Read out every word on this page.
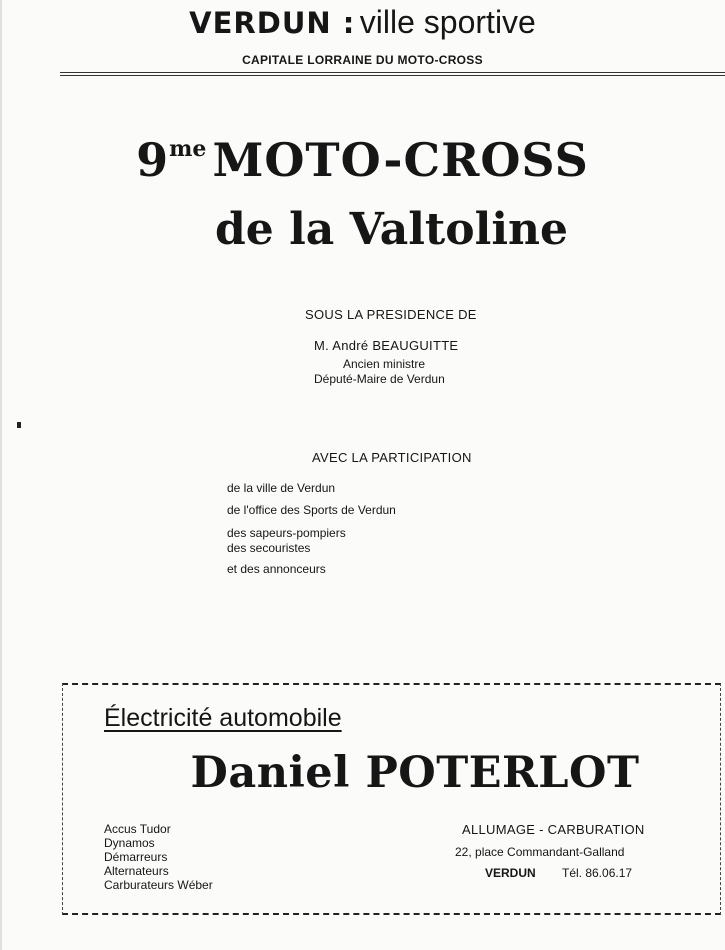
VERDUN : ville sportive
CAPITALE LORRAINE DU MOTO-CROSS
$9^{me}$ MOTO-CROSS
de la Valtoline
SOUS LA PRESIDENCE DE
M. André BEAUGUITTE
Ancien ministre
Député-Maire de Verdun
AVEC LA PARTICIPATION
de la ville de Verdun
de l'office des Sports de Verdun
des sapeurs-pompiers
des secouristes
et des annonceurs
Électricité automobile
Daniel POTERLOT
Accus Tudor
Dynamos
Démarreurs
Alternateurs
Carburateurs Wéber
ALLUMAGE - CARBURATION
22, place Commandant-Galland
VERDUN Tél. 86.06.17
